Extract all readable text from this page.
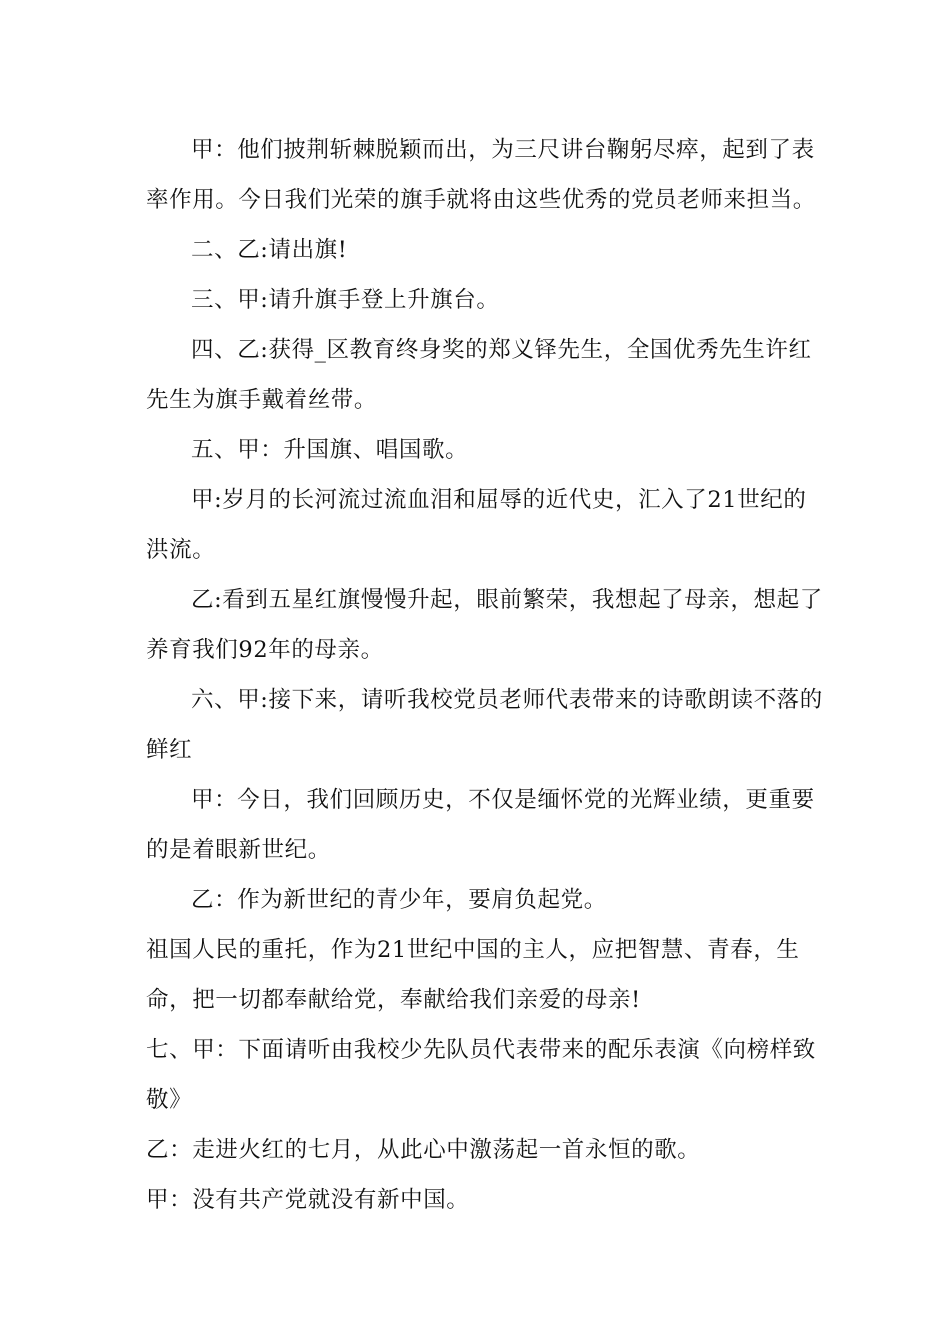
甲：他们披荆斩棘脱颖而出，为三尺讲台鞠躬尽瘁，起到了表率作用。今日我们光荣的旗手就将由这些优秀的党员老师来担当。

二、乙:请出旗!

三、甲:请升旗手登上升旗台。

四、乙:获得_区教育终身奖的郑义铎先生，全国优秀先生许红先生为旗手戴着丝带。

五、甲：升国旗、唱国歌。

甲:岁月的长河流过流血泪和屈辱的近代史，汇入了21世纪的洪流。

乙:看到五星红旗慢慢升起，眼前繁荣，我想起了母亲，想起了养育我们92年的母亲。

六、甲:接下来，请听我校党员老师代表带来的诗歌朗读不落的鲜红

甲：今日，我们回顾历史，不仅是缅怀党的光辉业绩，更重要的是着眼新世纪。

乙：作为新世纪的青少年，要肩负起党。

祖国人民的重托，作为21世纪中国的主人，应把智慧、青春，生命，把一切都奉献给党，奉献给我们亲爱的母亲!

七、甲：下面请听由我校少先队员代表带来的配乐表演《向榜样致敬》

乙：走进火红的七月，从此心中激荡起一首永恒的歌。

甲：没有共产党就没有新中国。
